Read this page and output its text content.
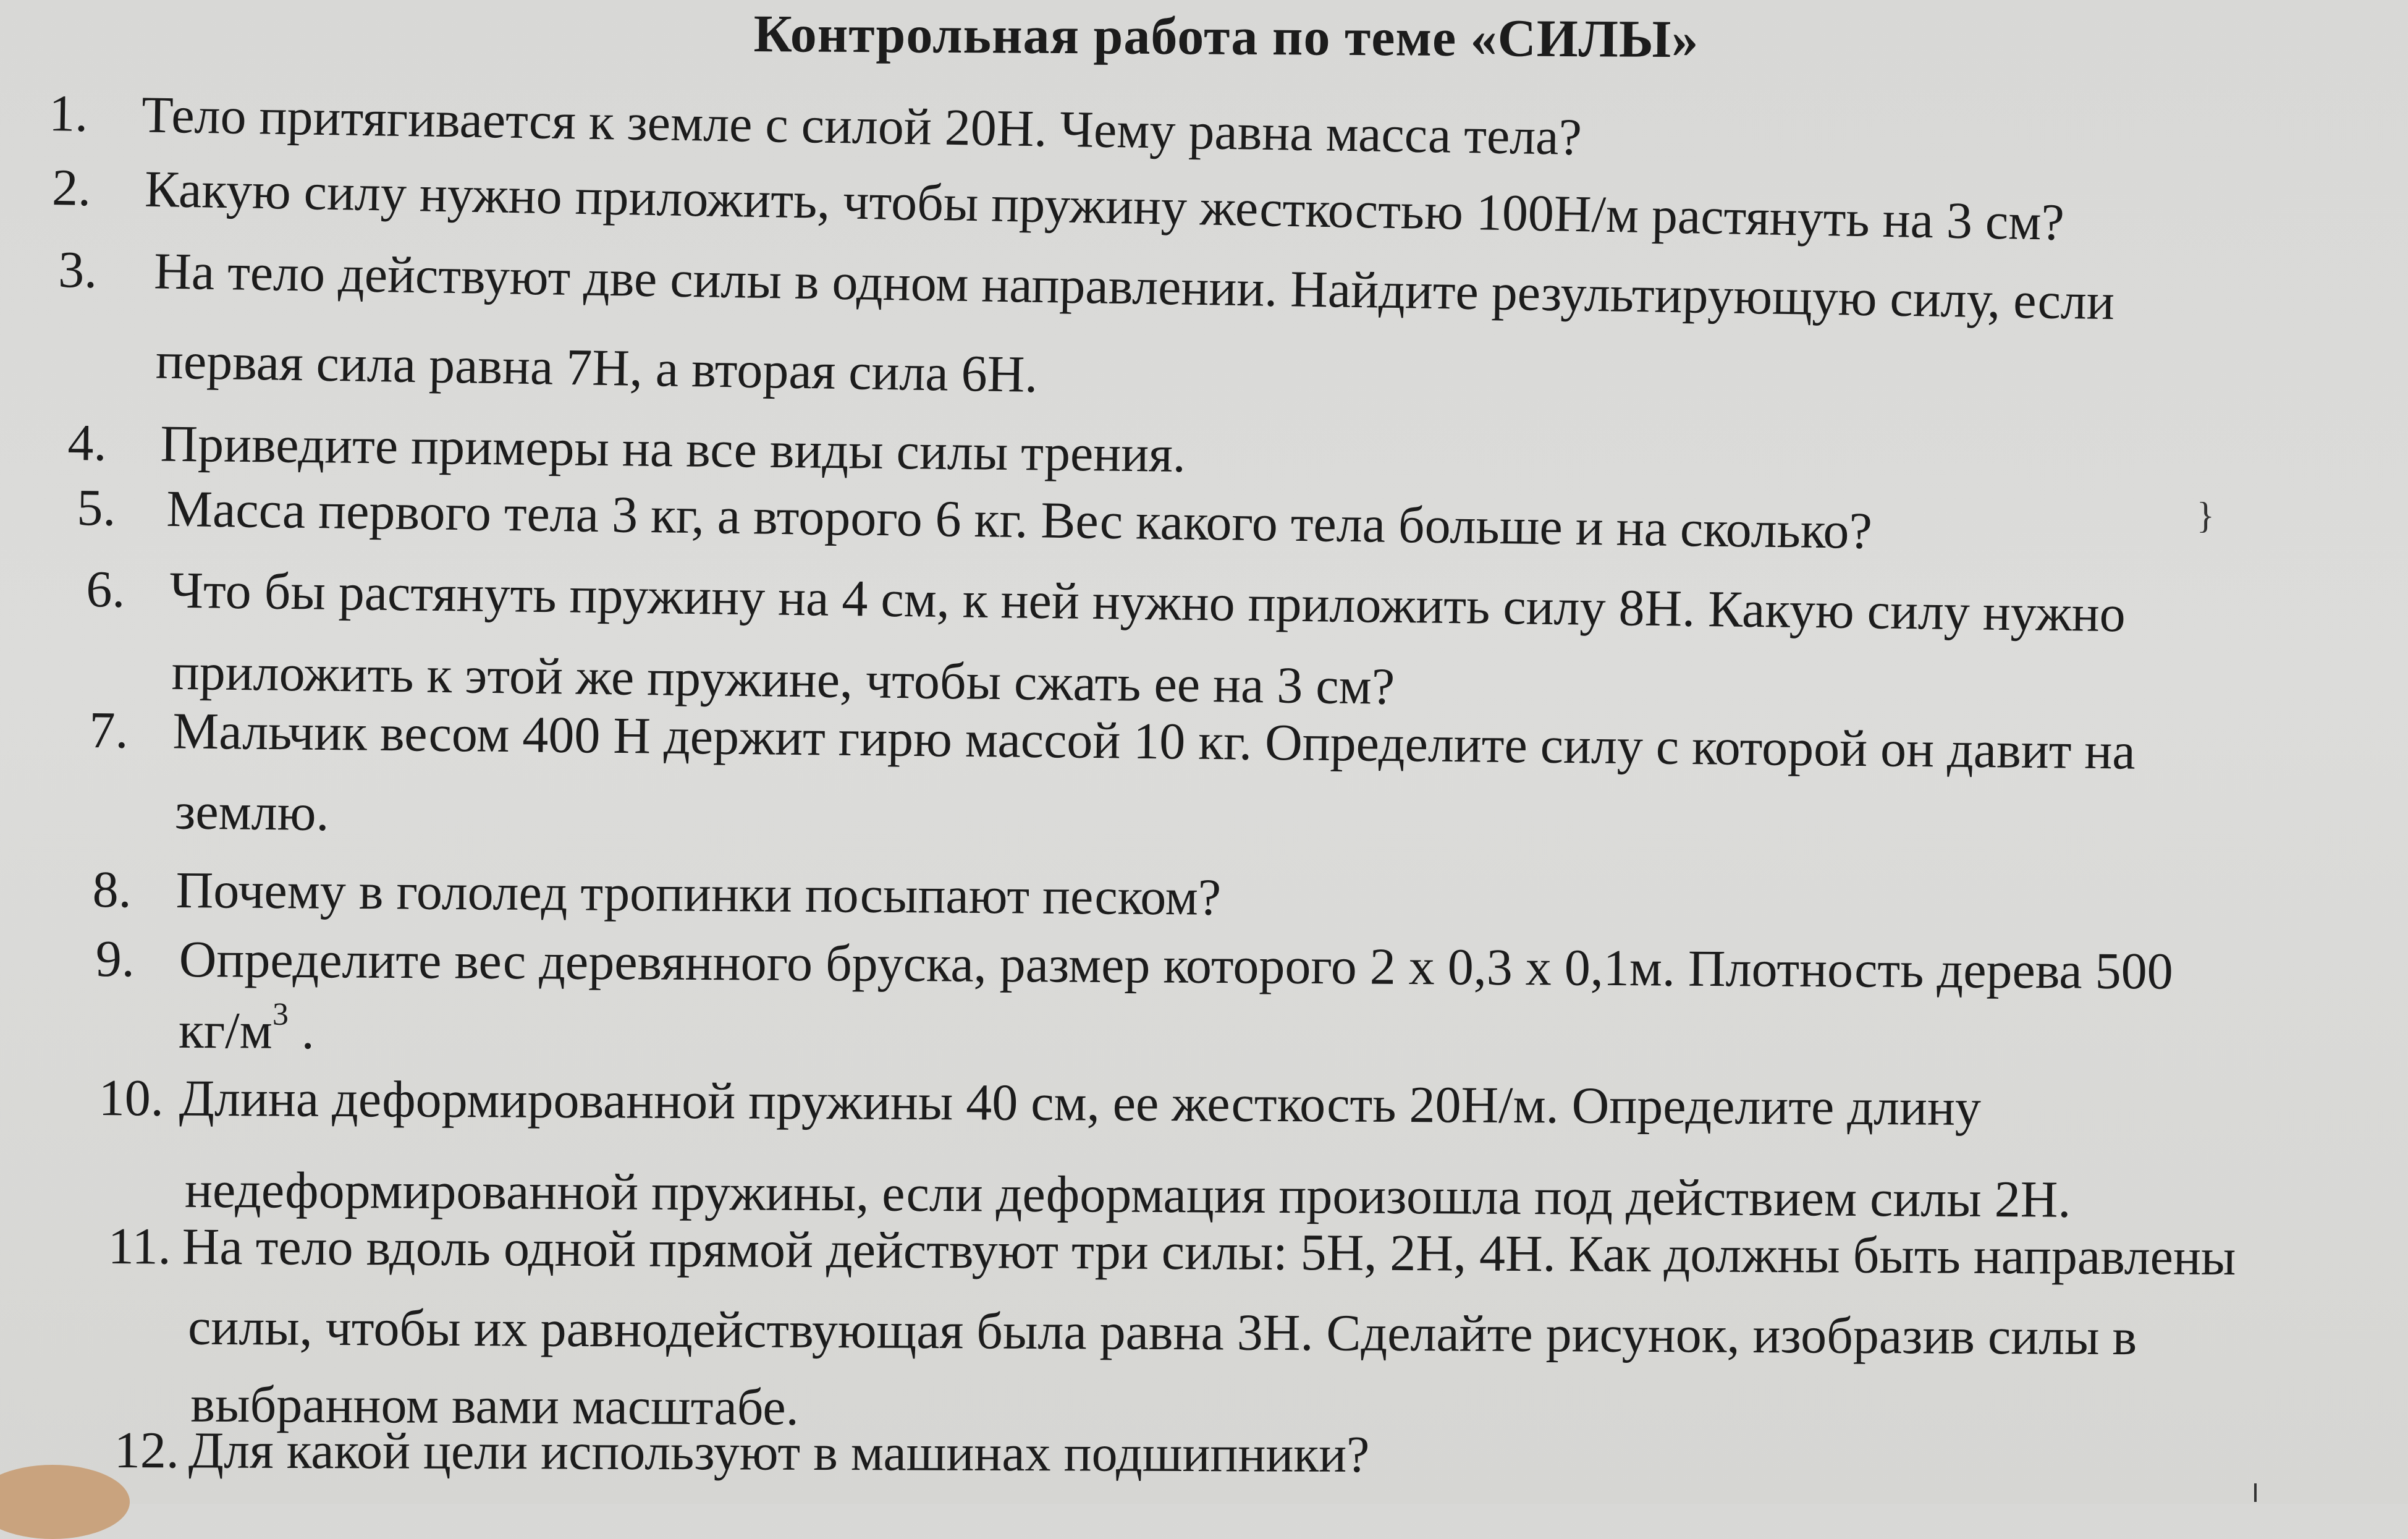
Контрольная работа по теме «СИЛЫ»
1. Тело притягивается к земле с силой 20Н. Чему равна масса тела?
2. Какую силу нужно приложить, чтобы пружину жесткостью 100Н/м растянуть на 3 см?
3. На тело действуют две силы в одном направлении. Найдите результирующую силу, если
первая сила равна 7Н, а вторая сила 6Н.
4. Приведите примеры на все виды силы трения.
5. Масса первого тела 3 кг, а второго 6 кг. Вес какого тела больше и на сколько?
6. Что бы растянуть пружину на 4 см, к ней нужно приложить силу 8Н. Какую силу нужно
приложить к этой же пружине, чтобы сжать ее на 3 см?
7. Мальчик весом 400 Н держит гирю массой 10 кг. Определите силу с которой он давит на
землю.
8. Почему в гололед тропинки посыпают песком?
9. Определите вес деревянного бруска, размер которого 2 х 0,3 х 0,1м. Плотность дерева 500
$кг/м^3$ .
10. Длина деформированной пружины 40 см, ее жесткость 20Н/м. Определите длину
недеформированной пружины, если деформация произошла под действием силы 2Н.
11. На тело вдоль одной прямой действуют три силы: 5Н, 2Н, 4Н. Как должны быть направлены
силы, чтобы их равнодействующая была равна 3Н. Сделайте рисунок, изобразив силы в
выбранном вами масштабе.
12. Для какой цели используют в машинах подшипники?
}
